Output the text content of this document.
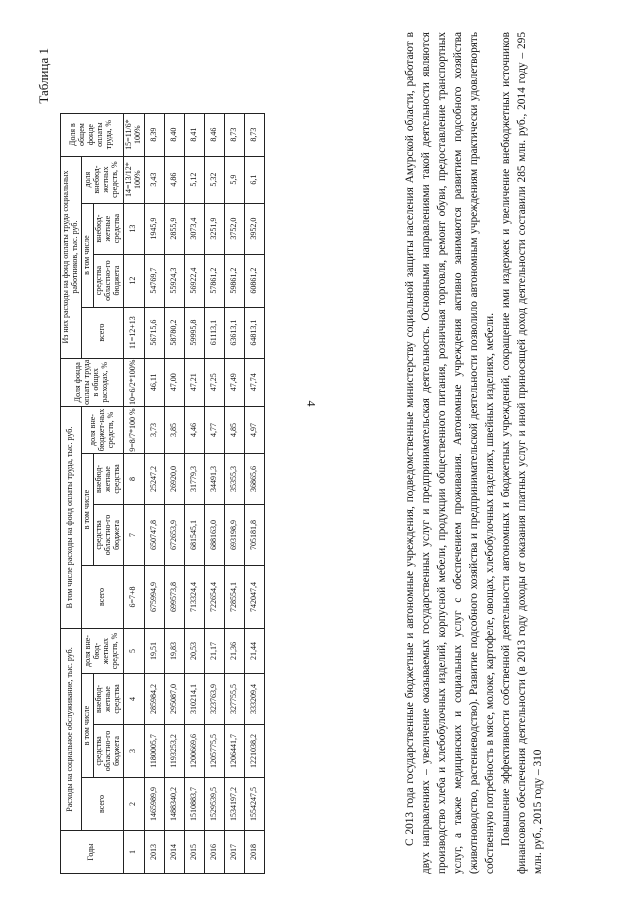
4
Таблица 1
Годы	Расходы на социальное обслуживание, тыс. руб.				В том числе расходы на фонд оплаты труда, тыс. руб.				Доля фонда оплаты труда в общих расходах, %	Из них расходы на фонд оплаты труда социальных работников, тыс. руб.				Доля в общем фонде оплаты труда, %
	всего	в том числе		доля вне-бюд-жетных средств, %	всего	в том числе		доля вне-бюджет-ных средств, %		всего	в том числе		доля внебюд-жетных средств, %	
		средства областно-го бюджета	внебюд-жетные средства			средства областно-го бюджета	внебюд-жетные средства				средства областно-го бюджета	внебюд-жетные средства		
1	2	3	4	5	6=7+8	7	8	9=8/7*100 %	10=6/2*100%	11=12+13	12	13	14=13/12* 100%	15=11/6* 100%
2013	1465989,9	1180005,7	285984,2	19,51	675994,9	650747,8	25247,2	3,73	46,11	56715,6	54769,7	1945,9	3,43	8,39
2014	1488340,2	1193253,2	295087,0	19,83	699573,8	672653,9	26920,0	3,85	47,00	58780,2	55924,3	2855,9	4,86	8,40
2015	1510883,7	1200669,6	310214,1	20,53	713324,4	681545,1	31779,3	4,46	47,21	59995,8	56922,4	3073,4	5,12	8,41
2016	1529539,5	1205775,5	323763,9	21,17	722654,4	688163,0	34491,3	4,77	47,25	61113,1	57861,2	3251,9	5,32	8,46
2017	1534197,2	1206441,7	327755,5	21,36	728554,1	693198,9	35355,3	4,85	47,49	63613,1	59861,2	3752,0	5,9	8,73
2018	1554247,5	1221038,2	333209,4	21,44	742047,4	705181,8	36865,6	4,97	47,74	64813,1	60861,2	3952,0	6,1	8,73	С 2013 года государственные бюджетные и автономные учреждения, подведомственные министерству социальной защиты населения Амурской области, работают в двух направлениях – увеличение оказываемых государственных услуг и предпринимательская деятельность. Основными направлениями такой деятельности являются производство хлеба и хлебобулочных изделий, корпусной мебели, продукции общественного питания, розничная торговля, ремонт обуви, предоставление транспортных услуг, а также медицинских и социальных услуг с обеспечением проживания. Автономные учреждения активно занимаются развитием подсобного хозяйства (животноводство, растениеводство). Развитие подсобного хозяйства и предпринимательской деятельности позволило автономным учреждениям практически удовлетворять собственную потребность в мясе, молоке, картофеле, овощах, хлебобулочных изделиях, швейных изделиях, мебели. Повышение эффективности собственной деятельности автономных и бюджетных учреждений, сокращение ими издержек и увеличение внебюджетных источников финансового обеспечения деятельности (в 2013 году доходы от оказания платных услуг и иной приносящей доход деятельности составили 285 млн. руб., 2014 году – 295 млн. руб., 2015 году – 310
